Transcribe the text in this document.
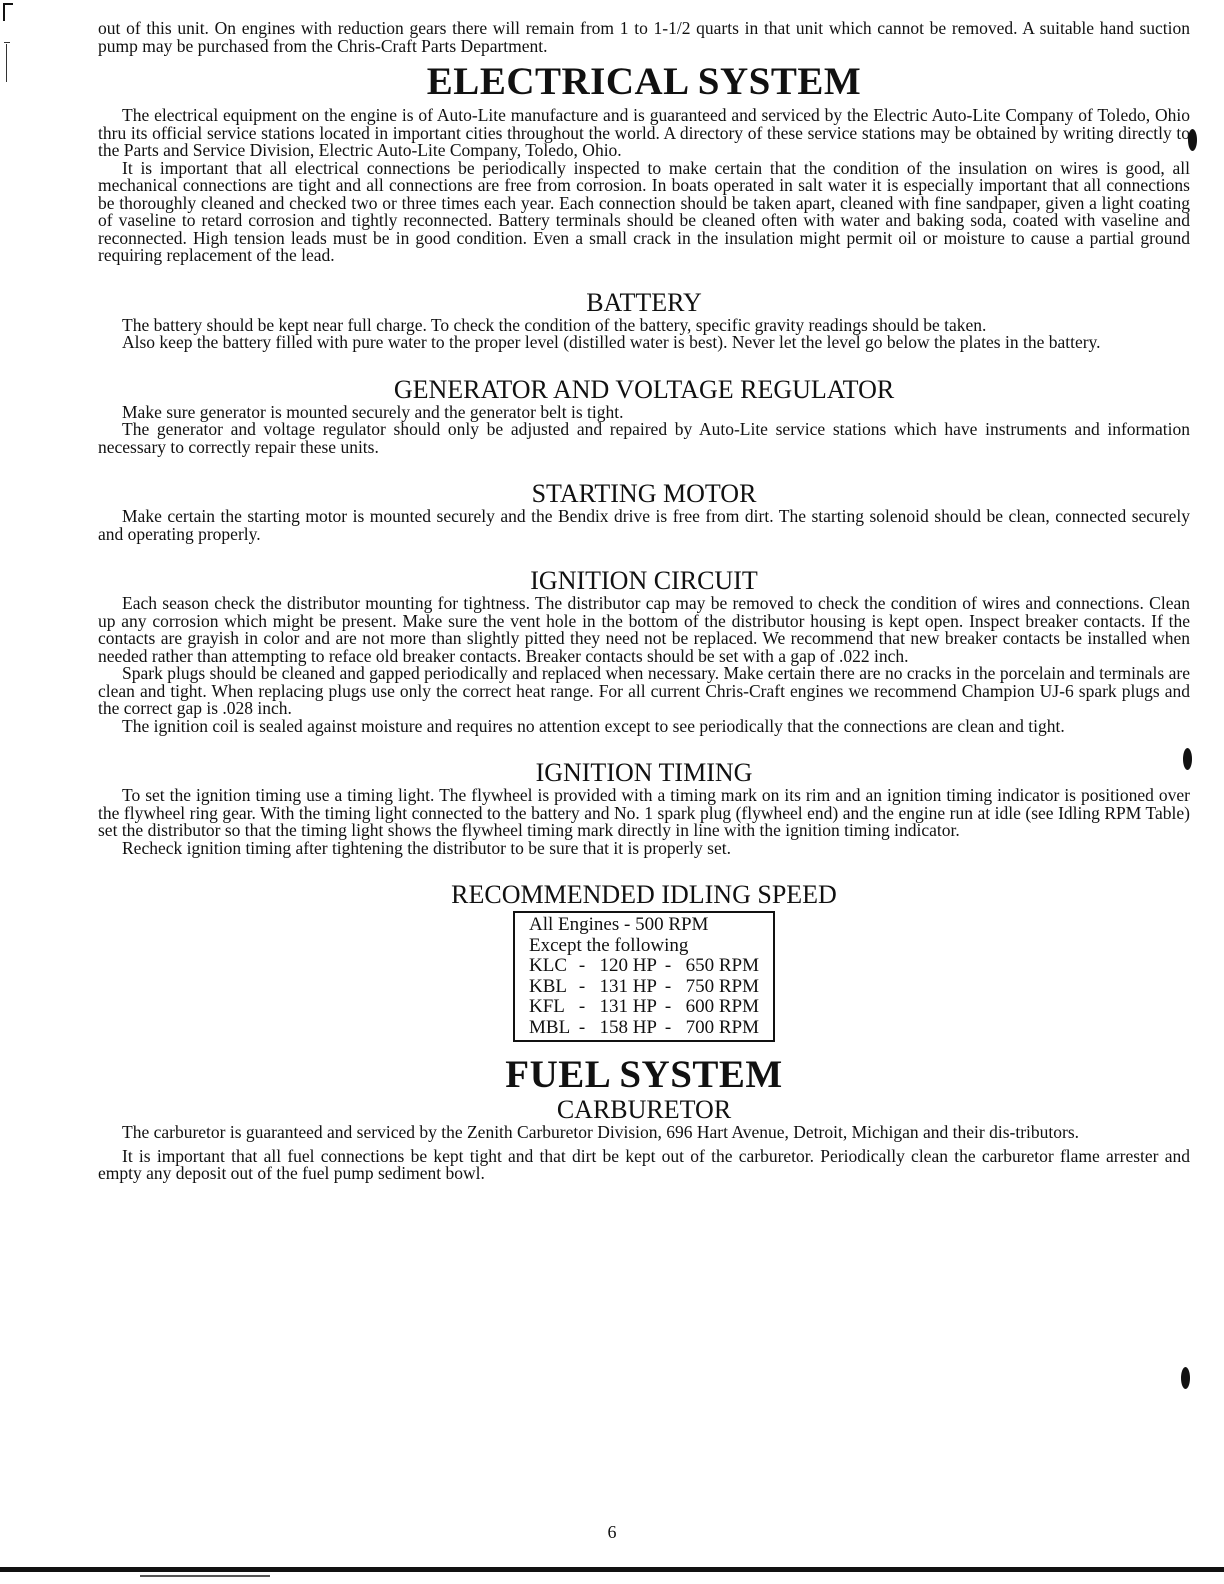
out of this unit. On engines with reduction gears there will remain from 1 to 1-1/2 quarts in that unit which cannot be removed. A suitable hand suction pump may be purchased from the Chris-Craft Parts Department.

ELECTRICAL SYSTEM

The electrical equipment on the engine is of Auto-Lite manufacture and is guaranteed and serviced by the Electric Auto-Lite Company of Toledo, Ohio thru its official service stations located in important cities throughout the world. A directory of these service stations may be obtained by writing directly to the Parts and Service Division, Electric Auto-Lite Company, Toledo, Ohio.

It is important that all electrical connections be periodically inspected to make certain that the condition of the insulation on wires is good, all mechanical connections are tight and all connections are free from corrosion. In boats operated in salt water it is especially important that all connections be thoroughly cleaned and checked two or three times each year. Each connection should be taken apart, cleaned with fine sandpaper, given a light coating of vaseline to retard corrosion and tightly reconnected. Battery terminals should be cleaned often with water and baking soda, coated with vaseline and reconnected. High tension leads must be in good condition. Even a small crack in the insulation might permit oil or moisture to cause a partial ground requiring replacement of the lead.

BATTERY

The battery should be kept near full charge. To check the condition of the battery, specific gravity readings should be taken.

Also keep the battery filled with pure water to the proper level (distilled water is best). Never let the level go below the plates in the battery.

GENERATOR AND VOLTAGE REGULATOR

Make sure generator is mounted securely and the generator belt is tight.

The generator and voltage regulator should only be adjusted and repaired by Auto-Lite service stations which have instruments and information necessary to correctly repair these units.

STARTING MOTOR

Make certain the starting motor is mounted securely and the Bendix drive is free from dirt. The starting solenoid should be clean, connected securely and operating properly.

IGNITION CIRCUIT

Each season check the distributor mounting for tightness. The distributor cap may be removed to check the condition of wires and connections. Clean up any corrosion which might be present. Make sure the vent hole in the bottom of the distributor housing is kept open. Inspect breaker contacts. If the contacts are grayish in color and are not more than slightly pitted they need not be replaced. We recommend that new breaker contacts be installed when needed rather than attempting to reface old breaker contacts. Breaker contacts should be set with a gap of .022 inch.

Spark plugs should be cleaned and gapped periodically and replaced when necessary. Make certain there are no cracks in the porcelain and terminals are clean and tight. When replacing plugs use only the correct heat range. For all current Chris-Craft engines we recommend Champion UJ-6 spark plugs and the correct gap is .028 inch.

The ignition coil is sealed against moisture and requires no attention except to see periodically that the connections are clean and tight.

IGNITION TIMING

To set the ignition timing use a timing light. The flywheel is provided with a timing mark on its rim and an ignition timing indicator is positioned over the flywheel ring gear. With the timing light connected to the battery and No. 1 spark plug (flywheel end) and the engine run at idle (see Idling RPM Table) set the distributor so that the timing light shows the flywheel timing mark directly in line with the ignition timing indicator.

Recheck ignition timing after tightening the distributor to be sure that it is properly set.

RECOMMENDED IDLING SPEED
All Engines - 500 RPM
Except the following
KLC - 120 HP - 650 RPM
KBL - 131 HP - 750 RPM
KFL - 131 HP - 600 RPM
MBL - 158 HP - 700 RPM
FUEL SYSTEM
CARBURETOR

The carburetor is guaranteed and serviced by the Zenith Carburetor Division, 696 Hart Avenue, Detroit, Michigan and their dis-tributors.

It is important that all fuel connections be kept tight and that dirt be kept out of the carburetor. Periodically clean the carburetor flame arrester and empty any deposit out of the fuel pump sediment bowl.

6
